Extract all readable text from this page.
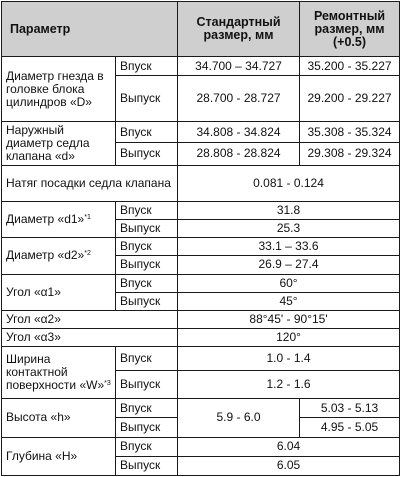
Параметр		Стандартный размер, мм	Ремонтный размер, мм (+0.5)
Диаметр гнезда в головке блока цилиндров «D»	Впуск	34.700 – 34.727	35.200 - 35.227
	Выпуск	28.700 - 28.727	29.200 - 29.227
Наружный диаметр седла клапана «d»	Впуск	34.808 - 34.824	35.308 - 35.324
	Выпуск	28.808 - 28.824	29.308 - 29.324
Натяг посадки седла клапана		0.081 - 0.124	
Диаметр «d1»$^{*1}$	Впуск	31.8	
	Выпуск	25.3	
Диаметр «d2»$^{*2}$	Впуск	33.1 – 33.6	
	Выпуск	26.9 – 27.4	
Угол «α1»	Впуск	60°	
	Выпуск	45°	
Угол «α2»		88°45' - 90°15'	
Угол «α3»		120°	
Ширина контактной поверхности «W»$^{*3}$	Впуск	1.0 - 1.4	
	Выпуск	1.2 - 1.6	
Высота «h»	Впуск	5.9 - 6.0	5.03 - 5.13
	Выпуск		4.95 - 5.05
Глубина «H»	Впуск	6.04	
	Выпуск	6.05	
